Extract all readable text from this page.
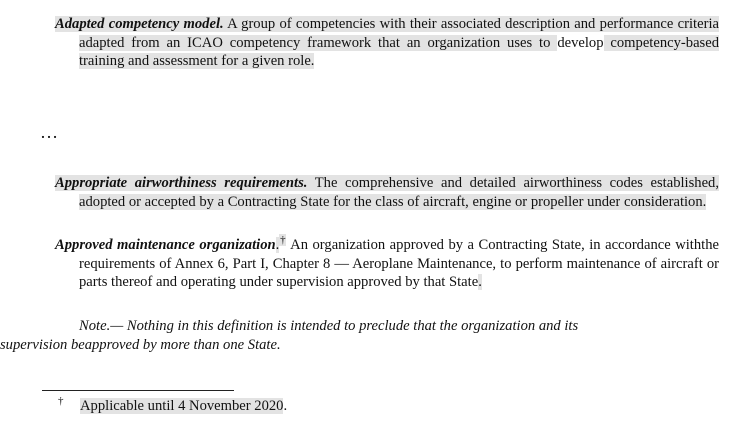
Adapted competency model. A group of competencies with their associated description and performance criteria adapted from an ICAO competency framework that an organization uses to develop competency-based training and assessment for a given role.

…

Appropriate airworthiness requirements. The comprehensive and detailed airworthiness codes established, adopted or accepted by a Contracting State for the class of aircraft, engine or propeller under consideration.

Approved maintenance organization.† An organization approved by a Contracting State, in accordance withthe requirements of Annex 6, Part I, Chapter 8 — Aeroplane Maintenance, to perform maintenance of aircraft or parts thereof and operating under supervision approved by that State.

Note.— Nothing in this definition is intended to preclude that the organization and its
supervision beapproved by more than one State.

† Applicable until 4 November 2020.
